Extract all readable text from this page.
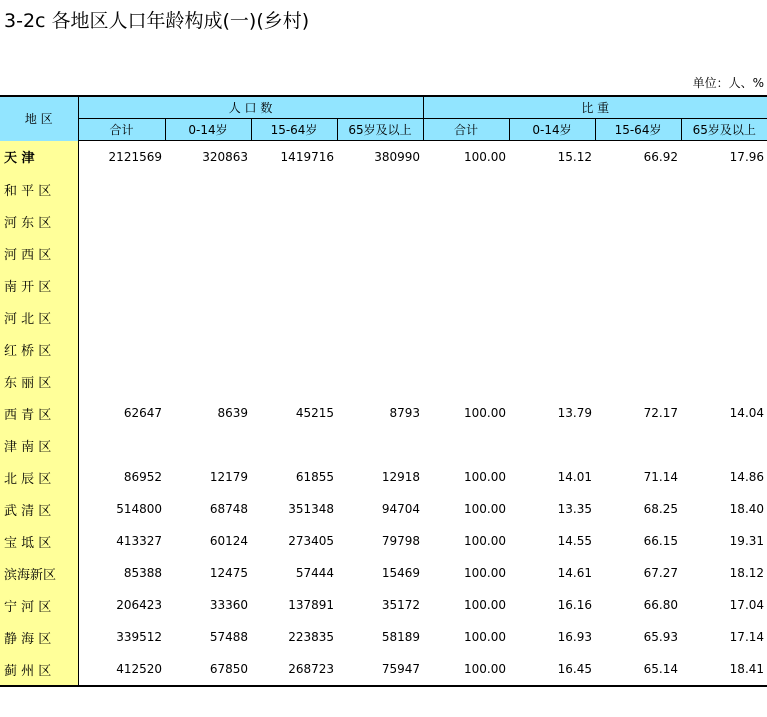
3-2c 各地区人口年龄构成(一)(乡村)
单位：人、%
地 区	人 口 数				比 重			
	合计	0-14岁	15-64岁	65岁及以上	合计	0-14岁	15-64岁	65岁及以上
天 津	2121569	320863	1419716	380990	100.00	15.12	66.92	17.96
和 平 区								
河 东 区								
河 西 区								
南 开 区								
河 北 区								
红 桥 区								
东 丽 区								
西 青 区	62647	8639	45215	8793	100.00	13.79	72.17	14.04
津 南 区								
北 辰 区	86952	12179	61855	12918	100.00	14.01	71.14	14.86
武 清 区	514800	68748	351348	94704	100.00	13.35	68.25	18.40
宝 坻 区	413327	60124	273405	79798	100.00	14.55	66.15	19.31
滨海新区	85388	12475	57444	15469	100.00	14.61	67.27	18.12
宁 河 区	206423	33360	137891	35172	100.00	16.16	66.80	17.04
静 海 区	339512	57488	223835	58189	100.00	16.93	65.93	17.14
蓟 州 区	412520	67850	268723	75947	100.00	16.45	65.14	18.41
